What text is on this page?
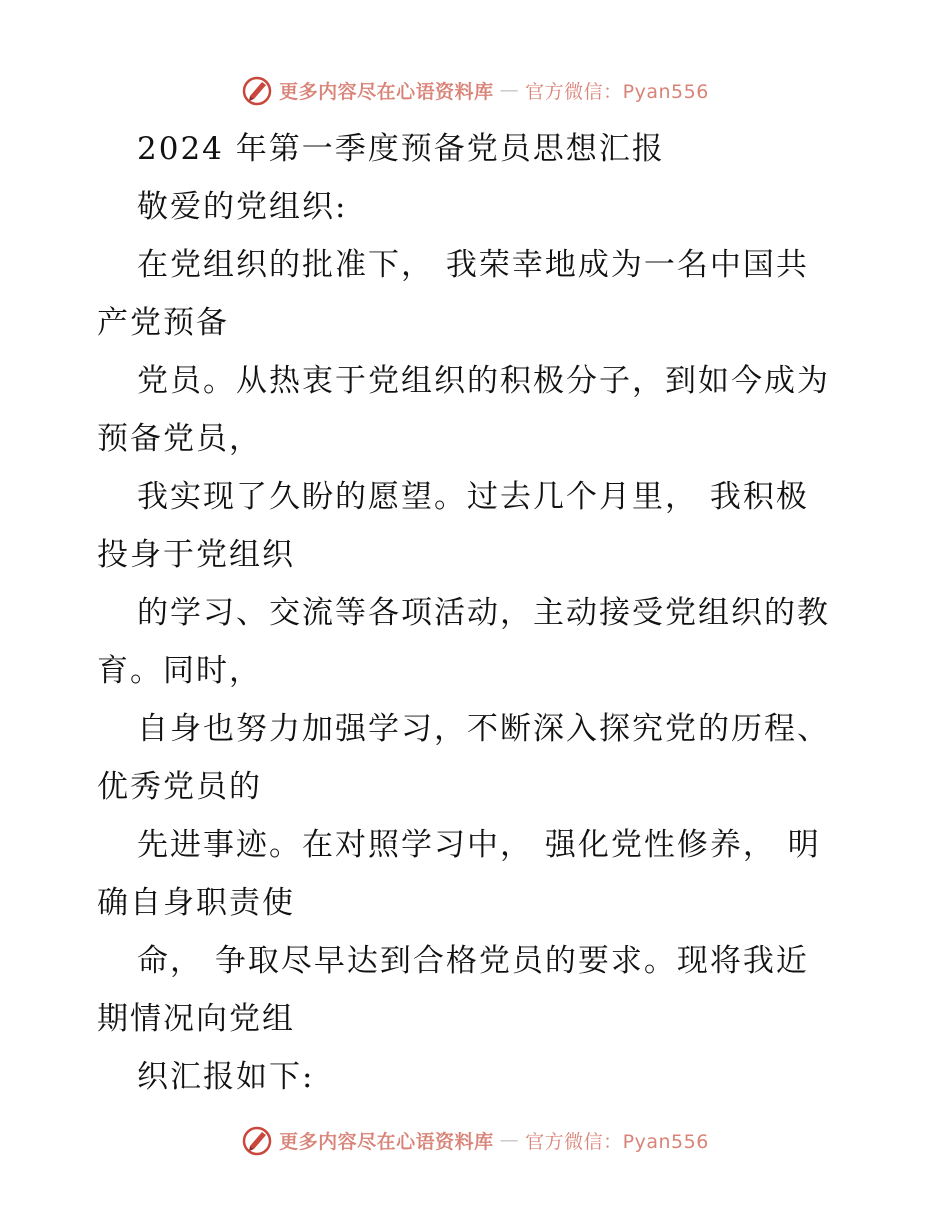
更多内容尽在心语资料库 — 官方微信：Pyan556
2024 年第一季度预备党员思想汇报
敬爱的党组织:
在党组织的批准下， 我荣幸地成为一名中国共
产党预备
党员。从热衷于党组织的积极分子，到如今成为
预备党员，
我实现了久盼的愿望。过去几个月里， 我积极
投身于党组织
的学习、交流等各项活动，主动接受党组织的教
育。同时，
自身也努力加强学习，不断深入探究党的历程、
优秀党员的
先进事迹。在对照学习中， 强化党性修养， 明
确自身职责使
命， 争取尽早达到合格党员的要求。现将我近
期情况向党组
织汇报如下:
更多内容尽在心语资料库 — 官方微信：Pyan556
